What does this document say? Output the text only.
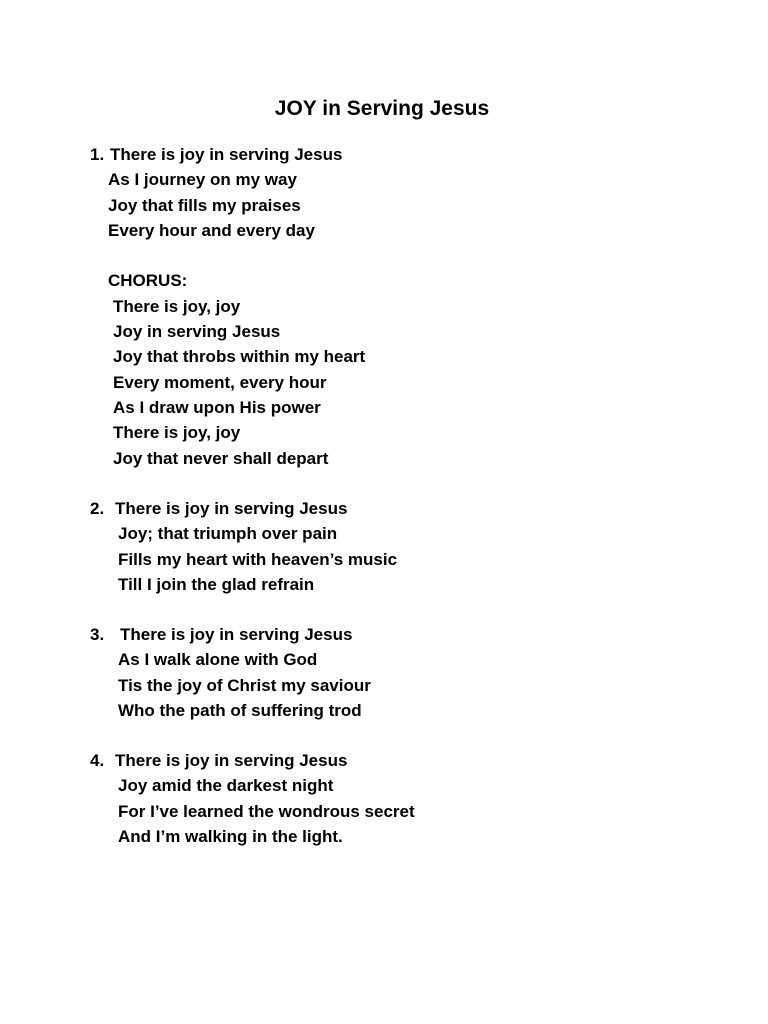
JOY in Serving Jesus
1. There is joy in serving Jesus
As I journey on my way
Joy that fills my praises
Every hour and every day
CHORUS:
There is joy, joy
Joy in serving Jesus
Joy that throbs within my heart
Every moment, every hour
As I draw upon His power
There is joy, joy
Joy that never shall depart
2. There is joy in serving Jesus
Joy; that triumph over pain
Fills my heart with heaven’s music
Till I join the glad refrain
3. There is joy in serving Jesus
As I walk alone with God
Tis the joy of Christ my saviour
Who the path of suffering trod
4. There is joy in serving Jesus
Joy amid the darkest night
For I’ve learned the wondrous secret
And I’m walking in the light.
